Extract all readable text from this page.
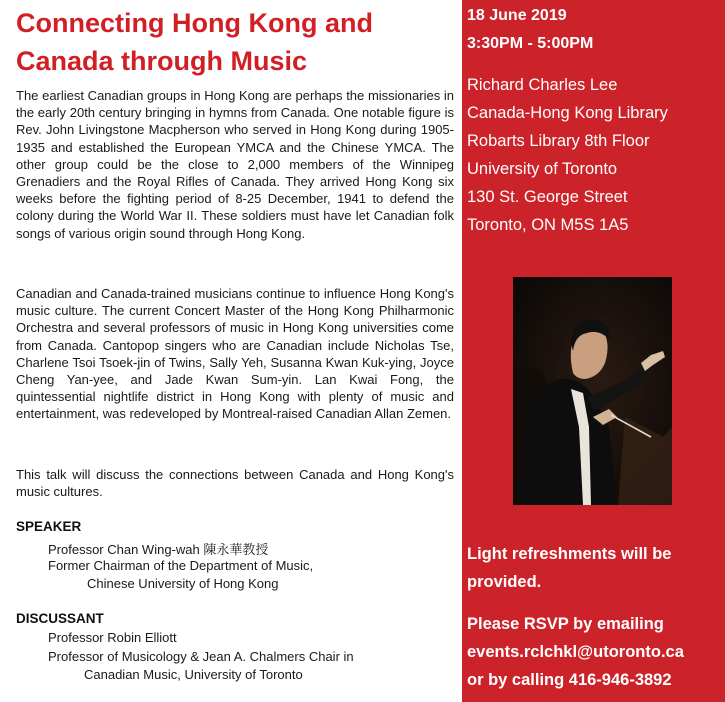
Connecting Hong Kong and
Canada through Music

The earliest Canadian groups in Hong Kong are perhaps the missionaries in the early 20th century bringing in hymns from Canada. One notable figure is Rev. John Livingstone Macpherson who served in Hong Kong during 1905-1935 and established the European YMCA and the Chinese YMCA. The other group could be the close to 2,000 members of the Winnipeg Grenadiers and the Royal Rifles of Canada. They arrived Hong Kong six weeks before the fighting period of 8-25 December, 1941 to defend the colony during the World War II. These soldiers must have let Canadian folk songs of various origin sound through Hong Kong.

Canadian and Canada-trained musicians continue to influence Hong Kong's music culture. The current Concert Master of the Hong Kong Philharmonic Orchestra and several professors of music in Hong Kong universities come from Canada. Cantopop singers who are Canadian include Nicholas Tse, Charlene Tsoi Tsoek-jin of Twins, Sally Yeh, Susanna Kwan Kuk-ying, Joyce Cheng Yan-yee, and Jade Kwan Sum-yin. Lan Kwai Fong, the quintessential nightlife district in Hong Kong with plenty of music and entertainment, was redeveloped by Montreal-raised Canadian Allan Zemen.

This talk will discuss the connections between Canada and Hong Kong's music cultures.

SPEAKER
Professor Chan Wing-wah 陳永華教授
Former Chairman of the Department of Music,
Chinese University of Hong Kong
DISCUSSANT
Professor Robin Elliott
Professor of Musicology & Jean A. Chalmers Chair in
Canadian Music, University of Toronto
18 June 2019
3:30PM - 5:00PM
Richard Charles Lee
Canada-Hong Kong Library
Robarts Library 8th Floor
University of Toronto
130 St. George Street
Toronto, ON M5S 1A5
Light refreshments will be
provided.
Please RSVP by emailing
events.rclchkl@utoronto.ca
or by calling 416-946-3892
